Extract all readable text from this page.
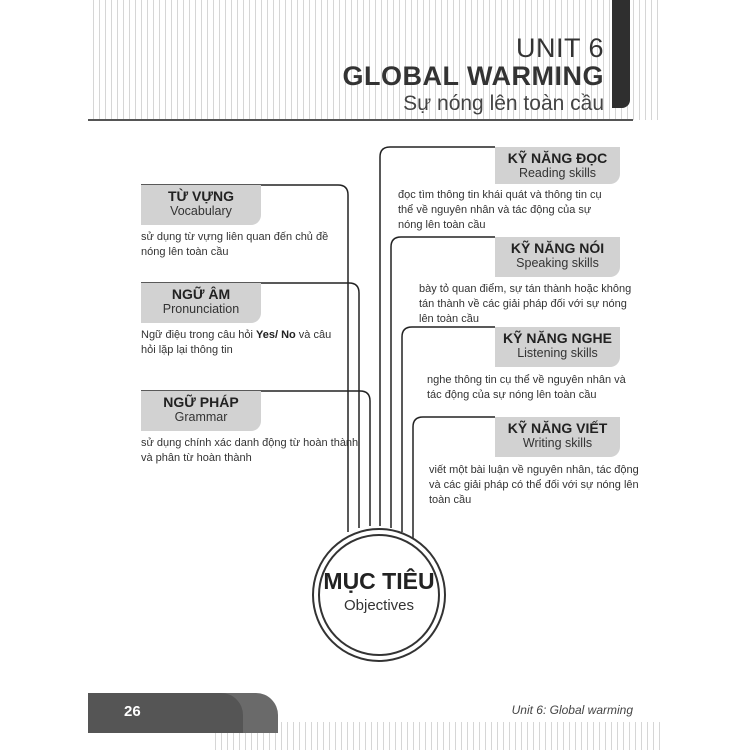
UNIT 6
GLOBAL WARMING
Sự nóng lên toàn cầu
TỪ VỰNG
Vocabulary
sử dụng từ vựng liên quan đến chủ đề
nóng lên toàn cầu
NGỮ ÂM
Pronunciation
Ngữ điệu trong câu hỏi Yes/ No và câu
hỏi lặp lại thông tin
NGỮ PHÁP
Grammar
sử dụng chính xác danh động từ hoàn thành
và phân từ hoàn thành
KỸ NĂNG ĐỌC
Reading skills
đọc tìm thông tin khái quát và thông tin cụ
thể về nguyên nhân và tác động của sự
nóng lên toàn cầu
KỸ NĂNG NÓI
Speaking skills
bày tỏ quan điểm, sự tán thành hoặc không
tán thành về các giải pháp đối với sự nóng
lên toàn cầu
KỸ NĂNG NGHE
Listening skills
nghe thông tin cụ thể về nguyên nhân và
tác động của sự nóng lên toàn cầu
KỸ NĂNG VIẾT
Writing skills
viết một bài luận về nguyên nhân, tác động
và các giải pháp có thể đối với sự nóng lên
toàn cầu
MỤC TIÊU
Objectives
26	Unit 6: Global warming
